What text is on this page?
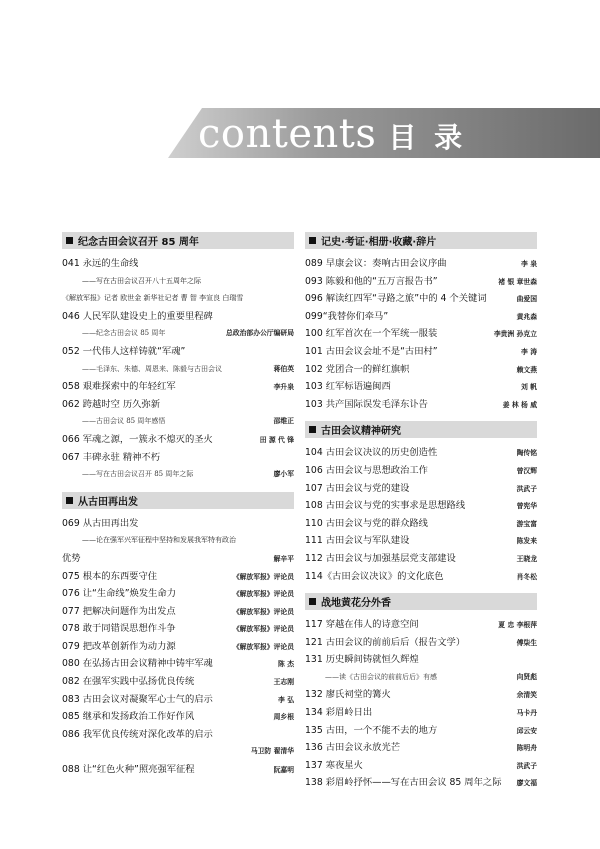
contents 目 录
纪念古田会议召开 85 周年
041 永远的生命线
——写在古田会议召开八十五周年之际
《解放军报》记者 欧世金 新华社记者 曹 智 李宣良 白瑞雪
046 人民军队建设史上的重要里程碑
——纪念古田会议 85 周年	总政治部办公厅编研局
052 一代伟人这样铸就“军魂”
——毛泽东、朱德、周恩来、陈毅与古田会议	蒋伯英
058 艰难探索中的年轻红军	李升泉
062 跨越时空 历久弥新
——古田会议 85 周年感悟	邵维正
066 军魂之源，一簇永不熄灭的圣火	田 源 代 锋
067 丰碑永驻 精神不朽
——写在古田会议召开 85 周年之际	廖小军
从古田再出发
069 从古田再出发
——论在强军兴军征程中坚持和发展我军特有政治
优势	解辛平
075 根本的东西要守住	《解放军报》评论员
076 让“生命线”焕发生命力	《解放军报》评论员
077 把解决问题作为出发点	《解放军报》评论员
078 敢于同错误思想作斗争	《解放军报》评论员
079 把改革创新作为动力源	《解放军报》评论员
080 在弘扬古田会议精神中铸牢军魂	陈 杰
082 在强军实践中弘扬优良传统	王志刚
083 古田会议对凝聚军心士气的启示	李 弘
085 继承和发扬政治工作好作风	周乡根
086 我军优良传统对深化改革的启示
马卫防 翟清华
088 让“红色火种”照亮强军征程	阮嘉明
记史·考证·相册·收藏·辞片
089 早康会议：奏响古田会议序曲	李 泉
093 陈毅和他的“五万言报告书”	褚 银 章世森
096 解读红四军“寻路之旅”中的 4 个关键词	曲爱国
099“我替你们牵马”	黄兆森
100 红军首次在一个军统一服装	李贵洲 孙克立
101 古田会议会址不是“古田村”	李 涛
102 党团合一的鲜红旗帜	赖文燕
103 红军标语遍闽西	刘 帆
103 共产国际误发毛泽东讣告	姜 林 杨 威
古田会议精神研究
104 古田会议决议的历史创造性	陶传铭
106 古田会议与思想政治工作	曾汉辉
107 古田会议与党的建设	洪武子
108 古田会议与党的实事求是思想路线	曾宪华
110 古田会议与党的群众路线	游宝富
111 古田会议与军队建设	陈发来
112 古田会议与加强基层党支部建设	王晓龙
114《古田会议决议》的文化底色	肖冬松
战地黄花分外香
117 穿越在伟人的诗意空间	夏 忠 李根萍
121 古田会议的前前后后（报告文学）	傅柒生
131 历史瞬间铸就恒久辉煌
——读《古田会议的前前后后》有感	向贤彪
132 廖氏祠堂的篝火	余清笑
134 彩眉岭日出	马卡丹
135 古田，一个不能不去的地方	邱云安
136 古田会议永放光芒	陈明舟
137 寒夜星火	洪武子
138 彩眉岭抒怀——写在古田会议 85 周年之际	廖文福
